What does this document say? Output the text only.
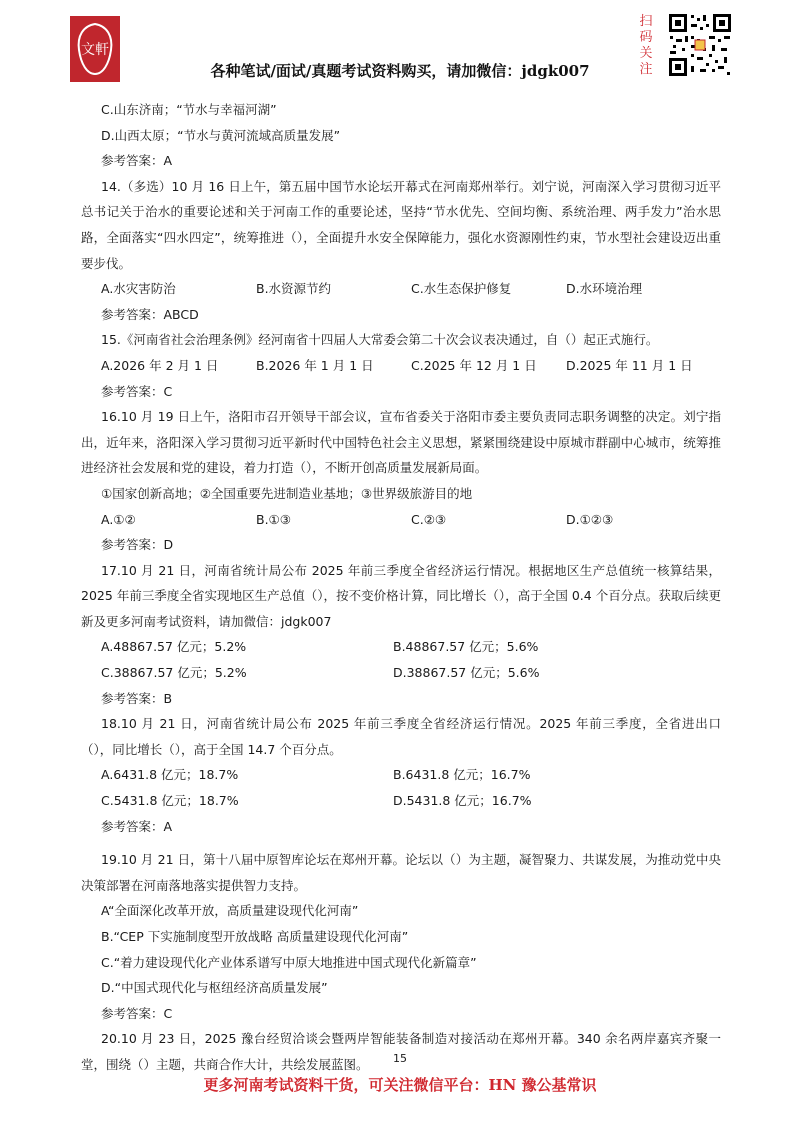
文軒
各种笔试/面试/真题考试资料购买，请加微信：jdgk007
扫码关注

C.山东济南；“节水与幸福河湖”

D.山西太原；“节水与黄河流域高质量发展”

参考答案：A

14.（多选）10 月 16 日上午，第五届中国节水论坛开幕式在河南郑州举行。刘宁说，河南深入学习贯彻习近平总书记关于治水的重要论述和关于河南工作的重要论述，坚持“节水优先、空间均衡、系统治理、两手发力”治水思路，全面落实“四水四定”，统筹推进（），全面提升水安全保障能力，强化水资源刚性约束，节水型社会建设迈出重要步伐。

A.水灾害防治	B.水资源节约	C.水生态保护修复	D.水环境治理

参考答案：ABCD

15.《河南省社会治理条例》经河南省十四届人大常委会第二十次会议表决通过，自（）起正式施行。

A.2026 年 2 月 1 日	B.2026 年 1 月 1 日	C.2025 年 12 月 1 日	D.2025 年 11 月 1 日

参考答案：C

16.10 月 19 日上午，洛阳市召开领导干部会议，宣布省委关于洛阳市委主要负责同志职务调整的决定。刘宁指出，近年来，洛阳深入学习贯彻习近平新时代中国特色社会主义思想，紧紧围绕建设中原城市群副中心城市，统筹推进经济社会发展和党的建设，着力打造（），不断开创高质量发展新局面。

①国家创新高地；②全国重要先进制造业基地；③世界级旅游目的地

A.①②	B.①③	C.②③	D.①②③

参考答案：D

17.10 月 21 日，河南省统计局公布 2025 年前三季度全省经济运行情况。根据地区生产总值统一核算结果，2025 年前三季度全省实现地区生产总值（），按不变价格计算，同比增长（），高于全国 0.4 个百分点。获取后续更新及更多河南考试资料，请加微信：jdgk007

A.48867.57 亿元；5.2%	B.48867.57 亿元；5.6%
C.38867.57 亿元；5.2%	D.38867.57 亿元；5.6%

参考答案：B

18.10 月 21 日，河南省统计局公布 2025 年前三季度全省经济运行情况。2025 年前三季度，全省进出口（），同比增长（），高于全国 14.7 个百分点。

A.6431.8 亿元；18.7%	B.6431.8 亿元；16.7%
C.5431.8 亿元；18.7%	D.5431.8 亿元；16.7%

参考答案：A

19.10 月 21 日，第十八届中原智库论坛在郑州开幕。论坛以（）为主题，凝智聚力、共谋发展，为推动党中央决策部署在河南落地落实提供智力支持。

A“全面深化改革开放，高质量建设现代化河南”

B.“CEP 下实施制度型开放战略 高质量建设现代化河南”

C.“着力建设现代化产业体系谱写中原大地推进中国式现代化新篇章”

D.“中国式现代化与枢纽经济高质量发展”

参考答案：C

20.10 月 23 日，2025 豫台经贸洽谈会暨两岸智能装备制造对接活动在郑州开幕。340 余名两岸嘉宾齐聚一堂，围绕（）主题，共商合作大计，共绘发展蓝图。	15
更多河南考试资料干货，可关注微信平台：HN 豫公基常识
